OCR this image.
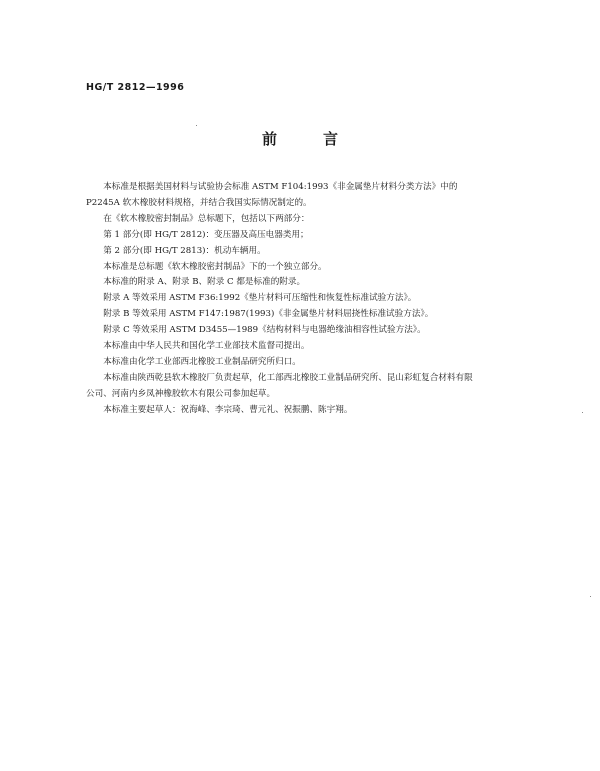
HG/T 2812—1996
前	言

本标准是根据美国材料与试验协会标准 ASTM F104:1993《非金属垫片材料分类方法》中的

P2245A 软木橡胶材料规格，并结合我国实际情况制定的。

在《软木橡胶密封制品》总标题下，包括以下两部分：

第 1 部分(即 HG/T 2812)：变压器及高压电器类用；

第 2 部分(即 HG/T 2813)：机动车辆用。

本标准是总标题《软木橡胶密封制品》下的一个独立部分。

本标准的附录 A、附录 B、附录 C 都是标准的附录。

附录 A 等效采用 ASTM F36:1992《垫片材料可压缩性和恢复性标准试验方法》。

附录 B 等效采用 ASTM F147:1987(1993)《非金属垫片材料屈挠性标准试验方法》。

附录 C 等效采用 ASTM D3455—1989《结构材料与电器绝缘油相容性试验方法》。

本标准由中华人民共和国化学工业部技术监督司提出。

本标准由化学工业部西北橡胶工业制品研究所归口。

本标准由陕西乾县软木橡胶厂负责起草，化工部西北橡胶工业制品研究所、昆山彩虹复合材料有限

公司、河南内乡凤神橡胶软木有限公司参加起草。

本标准主要起草人：祝海峰、李宗琦、曹元礼、祝振鹏、陈宇翔。
